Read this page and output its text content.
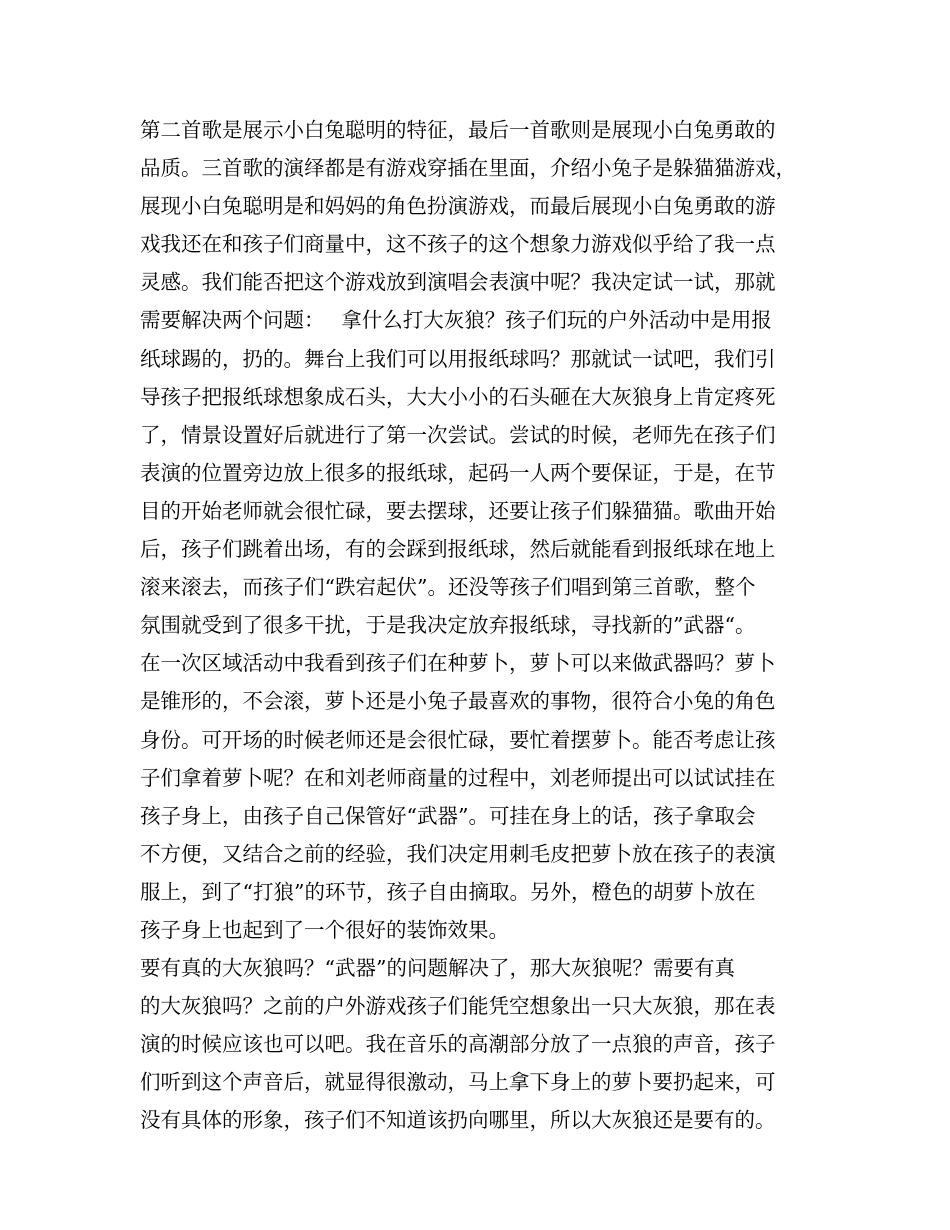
第二首歌是展示小白兔聪明的特征，最后一首歌则是展现小白兔勇敢的
品质。三首歌的演绎都是有游戏穿插在里面，介绍小兔子是躲猫猫游戏，
展现小白兔聪明是和妈妈的角色扮演游戏，而最后展现小白兔勇敢的游
戏我还在和孩子们商量中，这不孩子的这个想象力游戏似乎给了我一点
灵感。我们能否把这个游戏放到演唱会表演中呢？我决定试一试，那就
需要解决两个问题：　 拿什么打大灰狼？孩子们玩的户外活动中是用报
纸球踢的，扔的。舞台上我们可以用报纸球吗？那就试一试吧，我们引
导孩子把报纸球想象成石头，大大小小的石头砸在大灰狼身上肯定疼死
了，情景设置好后就进行了第一次尝试。尝试的时候，老师先在孩子们
表演的位置旁边放上很多的报纸球，起码一人两个要保证，于是，在节
目的开始老师就会很忙碌，要去摆球，还要让孩子们躲猫猫。歌曲开始
后，孩子们跳着出场，有的会踩到报纸球，然后就能看到报纸球在地上
滚来滚去，而孩子们“跌宕起伏”。还没等孩子们唱到第三首歌，整个
氛围就受到了很多干扰，于是我决定放弃报纸球，寻找新的”武器“。
在一次区域活动中我看到孩子们在种萝卜，萝卜可以来做武器吗？萝卜
是锥形的，不会滚，萝卜还是小兔子最喜欢的事物，很符合小兔的角色
身份。可开场的时候老师还是会很忙碌，要忙着摆萝卜。能否考虑让孩
子们拿着萝卜呢？在和刘老师商量的过程中，刘老师提出可以试试挂在
孩子身上，由孩子自己保管好“武器”。可挂在身上的话，孩子拿取会
不方便，又结合之前的经验，我们决定用刺毛皮把萝卜放在孩子的表演
服上，到了“打狼”的环节，孩子自由摘取。另外，橙色的胡萝卜放在
孩子身上也起到了一个很好的装饰效果。
要有真的大灰狼吗？“武器”的问题解决了，那大灰狼呢？需要有真
的大灰狼吗？之前的户外游戏孩子们能凭空想象出一只大灰狼，那在表
演的时候应该也可以吧。我在音乐的高潮部分放了一点狼的声音，孩子
们听到这个声音后，就显得很激动，马上拿下身上的萝卜要扔起来，可
没有具体的形象，孩子们不知道该扔向哪里，所以大灰狼还是要有的。
